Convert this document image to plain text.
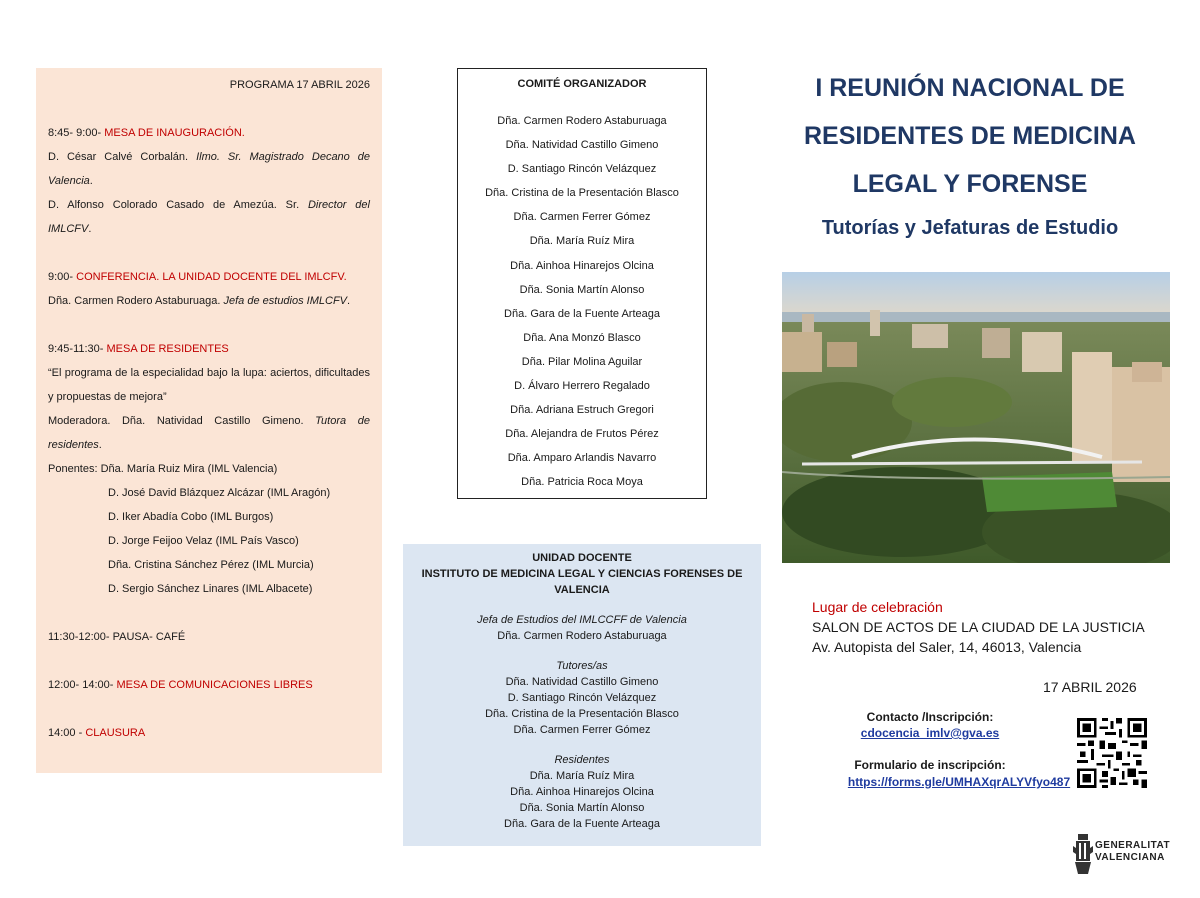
PROGRAMA 17 ABRIL 2026

8:45- 9:00- MESA DE INAUGURACIÓN.

D. César Calvé Corbalán. Ilmo. Sr. Magistrado Decano de Valencia.

D. Alfonso Colorado Casado de Amezúa. Sr. Director del IMLCFV.

9:00- CONFERENCIA. LA UNIDAD DOCENTE DEL IMLCFV.

Dña. Carmen Rodero Astaburuaga. Jefa de estudios IMLCFV.

9:45-11:30- MESA DE RESIDENTES

“El programa de la especialidad bajo la lupa: aciertos, dificultades y propuestas de mejora”

Moderadora. Dña. Natividad Castillo Gimeno. Tutora de residentes.

Ponentes: Dña. María Ruiz Mira (IML Valencia)

D. José David Blázquez Alcázar (IML Aragón)

D. Iker Abadía Cobo (IML Burgos)

D. Jorge Feijoo Velaz (IML País Vasco)

Dña. Cristina Sánchez Pérez (IML Murcia)

D. Sergio Sánchez Linares (IML Albacete)

11:30-12:00- PAUSA- CAFÉ

12:00- 14:00- MESA DE COMUNICACIONES LIBRES

14:00 - CLAUSURA

COMITÉ ORGANIZADOR
Dña. Carmen Rodero Astaburuaga
Dña. Natividad Castillo Gimeno
D. Santiago Rincón Velázquez
Dña. Cristina de la Presentación Blasco
Dña. Carmen Ferrer Gómez
Dña. María Ruíz Mira
Dña. Ainhoa Hinarejos Olcina
Dña. Sonia Martín Alonso
Dña. Gara de la Fuente Arteaga
Dña. Ana Monzó Blasco
Dña. Pilar Molina Aguilar
D. Álvaro Herrero Regalado
Dña. Adriana Estruch Gregori
Dña. Alejandra de Frutos Pérez
Dña. Amparo Arlandis Navarro
Dña. Patricia Roca Moya
UNIDAD DOCENTE
INSTITUTO DE MEDICINA LEGAL Y CIENCIAS FORENSES DE VALENCIA
Jefa de Estudios del IMLCCFF de Valencia
Dña. Carmen Rodero Astaburuaga
Tutores/as
Dña. Natividad Castillo Gimeno
D. Santiago Rincón Velázquez
Dña. Cristina de la Presentación Blasco
Dña. Carmen Ferrer Gómez
Residentes
Dña. María Ruíz Mira
Dña. Ainhoa Hinarejos Olcina
Dña. Sonia Martín Alonso
Dña. Gara de la Fuente Arteaga
I REUNIÓN NACIONAL DE
RESIDENTES DE MEDICINA
LEGAL Y FORENSE
Tutorías y Jefaturas de Estudio
Lugar de celebración
SALON DE ACTOS DE LA CIUDAD DE LA JUSTICIA
Av. Autopista del Saler, 14, 46013, Valencia
17 ABRIL 2026
Contacto /Inscripción:
cdocencia_imlv@gva.es
Formulario de inscripción:
https://forms.gle/UMHAXqrALYVfyo487
GENERALITAT
VALENCIANA
